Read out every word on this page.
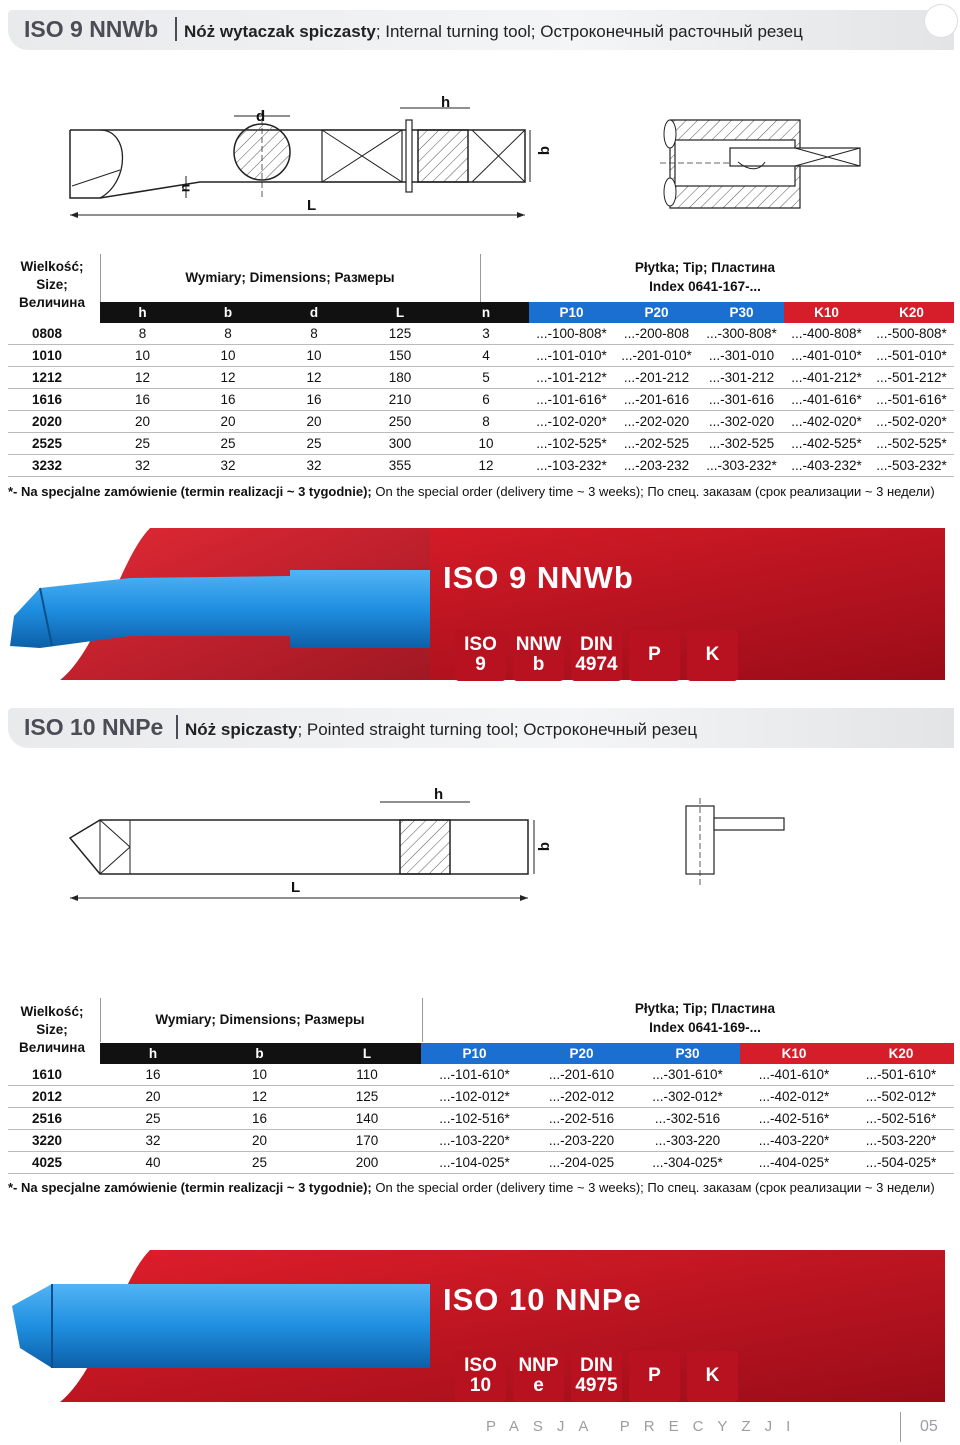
ISO 9 NNWb Nóż wytaczak spiczasty; Internal turning tool; Остроконечный расточный резец
d
h
b
L
n
Wielkość;
Size;
Величина
Wymiary; Dimensions; Размеры
Płytka; Tip; Пластина
Index 0641-167-...
	h	b	d	L	n	P10	P20	P30	K10	K20
0808	8	8	8	125	3	...-100-808*	...-200-808	...-300-808*	...-400-808*	...-500-808*
1010	10	10	10	150	4	...-101-010*	...-201-010*	...-301-010	...-401-010*	...-501-010*
1212	12	12	12	180	5	...-101-212*	...-201-212	...-301-212	...-401-212*	...-501-212*
1616	16	16	16	210	6	...-101-616*	...-201-616	...-301-616	...-401-616*	...-501-616*
2020	20	20	20	250	8	...-102-020*	...-202-020	...-302-020	...-402-020*	...-502-020*
2525	25	25	25	300	10	...-102-525*	...-202-525	...-302-525	...-402-525*	...-502-525*
3232	32	32	32	355	12	...-103-232*	...-203-232	...-303-232*	...-403-232*	...-503-232*
*- Na specjalne zamówienie (termin realizacji ~ 3 tygodnie); On the special order (delivery time ~ 3 weeks); По спец. заказам (срок реализации ~ 3 недели)
ISO 9 NNWb
ISO
9
NNW
b
DIN
4974	P	K
ISO 10 NNPe Nóż spiczasty; Pointed straight turning tool; Остроконечный резец
h
b
L
Wielkość;
Size;
Величина
Wymiary; Dimensions; Размеры
Płytka; Tip; Пластина
Index 0641-169-...
	h	b	L	P10	P20	P30	K10	K20
1610	16	10	110	...-101-610*	...-201-610	...-301-610*	...-401-610*	...-501-610*
2012	20	12	125	...-102-012*	...-202-012	...-302-012*	...-402-012*	...-502-012*
2516	25	16	140	...-102-516*	...-202-516	...-302-516	...-402-516*	...-502-516*
3220	32	20	170	...-103-220*	...-203-220	...-303-220	...-403-220*	...-503-220*
4025	40	25	200	...-104-025*	...-204-025	...-304-025*	...-404-025*	...-504-025*
*- Na specjalne zamówienie (termin realizacji ~ 3 tygodnie); On the special order (delivery time ~ 3 weeks); По спец. заказам (срок реализации ~ 3 недели)
ISO 10 NNPe
ISO
10
NNP
e
DIN
4975	P	K
PASJA PRECYZJI	05
